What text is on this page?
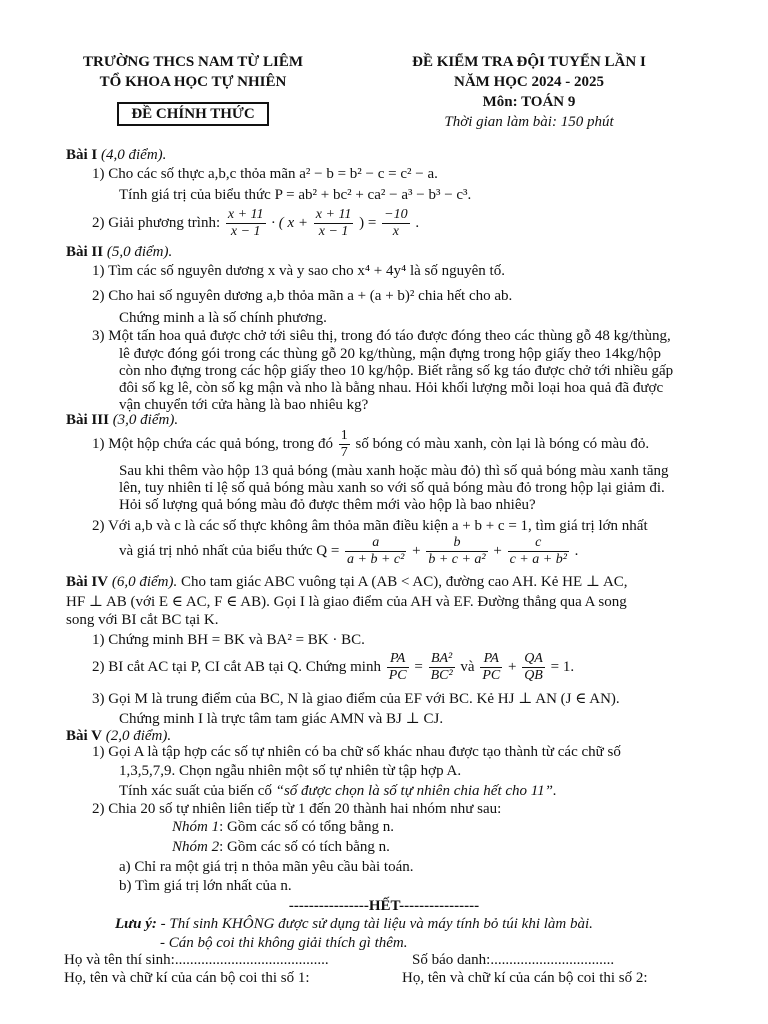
TRƯỜNG THCS NAM TỪ LIÊM
TỔ KHOA HỌC TỰ NHIÊN
ĐỀ CHÍNH THỨC
ĐỀ KIỂM TRA ĐỘI TUYỂN LẦN I
NĂM HỌC 2024 - 2025
Môn: TOÁN 9
Thời gian làm bài: 150 phút
Bài I (4,0 điểm).
1) Cho các số thực a,b,c thỏa mãn a² − b = b² − c = c² − a.
Tính giá trị của biểu thức P = ab² + bc² + ca² − a³ − b³ − c³.
2) Giải phương trình: $\frac{x + 11}{x - 1}$ · ( $x + \frac{x + 11}{x - 1}$ ) = $\frac{-10}{x}$ .
Bài II (5,0 điểm).
1) Tìm các số nguyên dương x và y sao cho x⁴ + 4y⁴ là số nguyên tố.
2) Cho hai số nguyên dương a,b thỏa mãn a + (a + b)² chia hết cho ab.
Chứng minh a là số chính phương.
3) Một tấn hoa quả được chở tới siêu thị, trong đó táo được đóng theo các thùng gỗ 48 kg/thùng,
lê được đóng gói trong các thùng gỗ 20 kg/thùng, mận đựng trong hộp giấy theo 14kg/hộp
còn nho đựng trong các hộp giấy theo 10 kg/hộp. Biết rằng số kg táo được chở tới nhiều gấp
đôi số kg lê, còn số kg mận và nho là bằng nhau. Hỏi khối lượng mỗi loại hoa quả đã được
vận chuyển tới cửa hàng là bao nhiêu kg?
Bài III (3,0 điểm).
1) Một hộp chứa các quả bóng, trong đó $\frac{1}{7}$ số bóng có màu xanh, còn lại là bóng có màu đỏ.
Sau khi thêm vào hộp 13 quả bóng (màu xanh hoặc màu đỏ) thì số quả bóng màu xanh tăng
lên, tuy nhiên tỉ lệ số quả bóng màu xanh so với số quả bóng màu đỏ trong hộp lại giảm đi.
Hỏi số lượng quả bóng màu đỏ được thêm mới vào hộp là bao nhiêu?
2) Với a,b và c là các số thực không âm thỏa mãn điều kiện a + b + c = 1, tìm giá trị lớn nhất
và giá trị nhỏ nhất của biểu thức $Q = \frac{a}{\text{a + b + c²}} + \frac{b}{\text{b + c + a²}} + \frac{c}{\text{c + a + b²}}$ .
Bài IV (6,0 điểm). Cho tam giác ABC vuông tại A (AB < AC), đường cao AH. Kẻ HE ⊥ AC,
HF ⊥ AB (với E ∈ AC, F ∈ AB). Gọi I là giao điểm của AH và EF. Đường thẳng qua A song
song với BI cắt BC tại K.
1) Chứng minh BH = BK và BA² = BK · BC.
2) BI cắt AC tại P, CI cắt AB tại Q. Chứng minh $\frac{PA}{PC} = \frac{\text{BA²}}{\text{BC²}}$ và $\frac{PA}{PC} + \frac{QA}{QB} = 1$.
3) Gọi M là trung điểm của BC, N là giao điểm của EF với BC. Kẻ HJ ⊥ AN (J ∈ AN).
Chứng minh I là trực tâm tam giác AMN và BJ ⊥ CJ.
Bài V (2,0 điểm).
1) Gọi A là tập hợp các số tự nhiên có ba chữ số khác nhau được tạo thành từ các chữ số
1,3,5,7,9. Chọn ngẫu nhiên một số tự nhiên từ tập hợp A.
Tính xác suất của biến cố “số được chọn là số tự nhiên chia hết cho 11”.
2) Chia 20 số tự nhiên liên tiếp từ 1 đến 20 thành hai nhóm như sau:
Nhóm 1: Gồm các số có tổng bằng n.
Nhóm 2: Gồm các số có tích bằng n.
a) Chỉ ra một giá trị n thỏa mãn yêu cầu bài toán.
b) Tìm giá trị lớn nhất của n.
----------------HẾT----------------
Lưu ý: - Thí sinh KHÔNG được sử dụng tài liệu và máy tính bỏ túi khi làm bài.
- Cán bộ coi thi không giải thích gì thêm.
Họ và tên thí sinh:.........................................	Số báo danh:.................................
Họ, tên và chữ kí của cán bộ coi thi số 1:	Họ, tên và chữ kí của cán bộ coi thi số 2:
